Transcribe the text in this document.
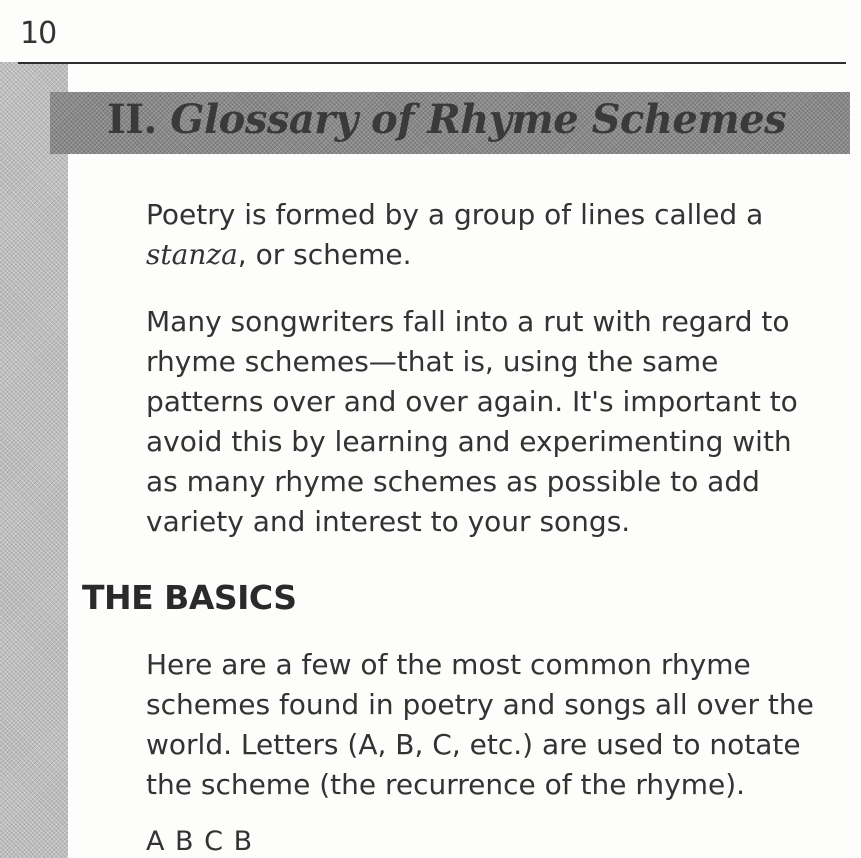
10
II. Glossary of Rhyme Schemes

Poetry is formed by a group of lines called a
stanza, or scheme.

Many songwriters fall into a rut with regard to
rhyme schemes—that is, using the same
patterns over and over again. It's important to
avoid this by learning and experimenting with
as many rhyme schemes as possible to add
variety and interest to your songs.

THE BASICS

Here are a few of the most common rhyme
schemes found in poetry and songs all over the
world. Letters (A, B, C, etc.) are used to notate
the scheme (the recurrence of the rhyme).

A B C B
